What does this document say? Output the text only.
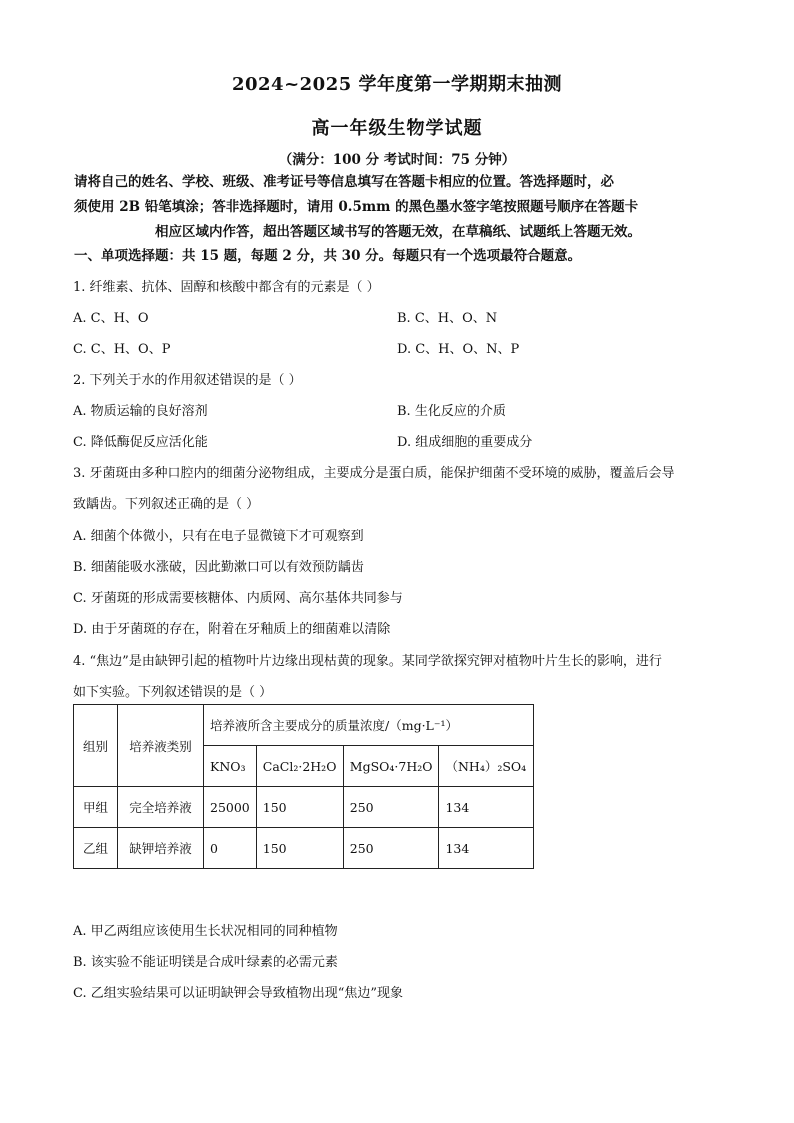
2024~2025 学年度第一学期期末抽测
高一年级生物学试题
（满分：100 分 考试时间：75 分钟）
请将自己的姓名、学校、班级、准考证号等信息填写在答题卡相应的位置。答选择题时，必
须使用 2B 铅笔填涂；答非选择题时，请用 0.5mm 的黑色墨水签字笔按照题号顺序在答题卡
相应区域内作答，超出答题区域书写的答题无效，在草稿纸、试题纸上答题无效。
一、单项选择题：共 15 题，每题 2 分，共 30 分。每题只有一个选项最符合题意。
1. 纤维素、抗体、固醇和核酸中都含有的元素是（ ）
A. C、H、O	B. C、H、O、N
C. C、H、O、P	D. C、H、O、N、P
2. 下列关于水的作用叙述错误的是（ ）
A. 物质运输的良好溶剂	B. 生化反应的介质
C. 降低酶促反应活化能	D. 组成细胞的重要成分
3. 牙菌斑由多种口腔内的细菌分泌物组成，主要成分是蛋白质，能保护细菌不受环境的威胁，覆盖后会导
致龋齿。下列叙述正确的是（ ）
A. 细菌个体微小，只有在电子显微镜下才可观察到
B. 细菌能吸水涨破，因此勤漱口可以有效预防龋齿
C. 牙菌斑的形成需要核糖体、内质网、高尔基体共同参与
D. 由于牙菌斑的存在，附着在牙釉质上的细菌难以清除
4. “焦边”是由缺钾引起的植物叶片边缘出现枯黄的现象。某同学欲探究钾对植物叶片生长的影响，进行
如下实验。下列叙述错误的是（ ）
组别	培养液类别	培养液所含主要成分的质量浓度/（mg·L⁻¹）			
		KNO₃	CaCl₂·2H₂O	MgSO₄·7H₂O	（NH₄）₂SO₄
甲组	完全培养液	25000	150	250	134
乙组	缺钾培养液	0	150	250	134
A. 甲乙两组应该使用生长状况相同的同种植物
B. 该实验不能证明镁是合成叶绿素的必需元素
C. 乙组实验结果可以证明缺钾会导致植物出现“焦边”现象
